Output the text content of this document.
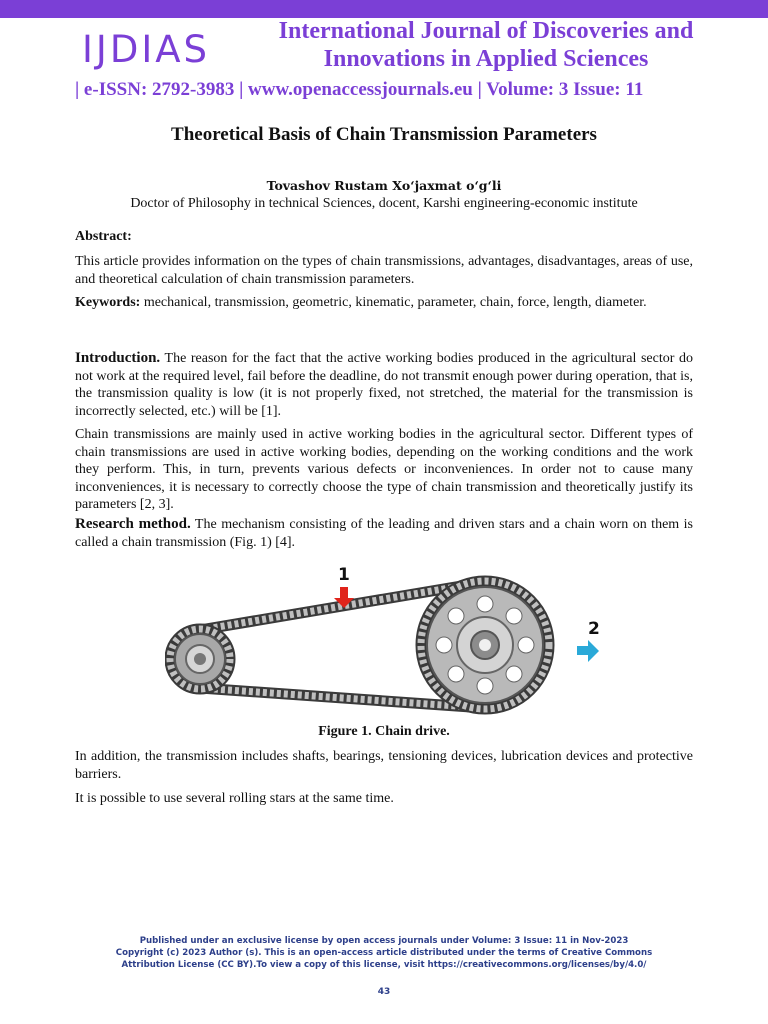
IJDIAS	International Journal of Discoveries and
Innovations in Applied Sciences
| e-ISSN: 2792-3983 | www.openaccessjournals.eu | Volume: 3 Issue: 11
Theoretical Basis of Chain Transmission Parameters
Tovashov Rustam Xo‘jaxmat o‘g‘li
Doctor of Philosophy in technical Sciences, docent, Karshi engineering-economic institute
Abstract:
This article provides information on the types of chain transmissions, advantages, disadvantages, areas of use, and theoretical calculation of chain transmission parameters.
Keywords: mechanical, transmission, geometric, kinematic, parameter, chain, force, length, diameter.
Introduction. The reason for the fact that the active working bodies produced in the agricultural sector do not work at the required level, fail before the deadline, do not transmit enough power during operation, that is, the transmission quality is low (it is not properly fixed, not stretched, the material for the transmission is incorrectly selected, etc.) will be [1].
Chain transmissions are mainly used in active working bodies in the agricultural sector. Different types of chain transmissions are used in active working bodies, depending on the working conditions and the work they perform. This, in turn, prevents various defects or inconveniences. In order not to cause many inconveniences, it is necessary to correctly choose the type of chain transmission and theoretically justify its parameters [2, 3].
Research method. The mechanism consisting of the leading and driven stars and a chain worn on them is called a chain transmission (Fig. 1) [4].
1
2
Figure 1. Chain drive.
In addition, the transmission includes shafts, bearings, tensioning devices, lubrication devices and protective barriers.
It is possible to use several rolling stars at the same time.
Published under an exclusive license by open access journals under Volume: 3 Issue: 11 in Nov-2023
Copyright (c) 2023 Author (s). This is an open-access article distributed under the terms of Creative Commons
Attribution License (CC BY).To view a copy of this license, visit https://creativecommons.org/licenses/by/4.0/
43
